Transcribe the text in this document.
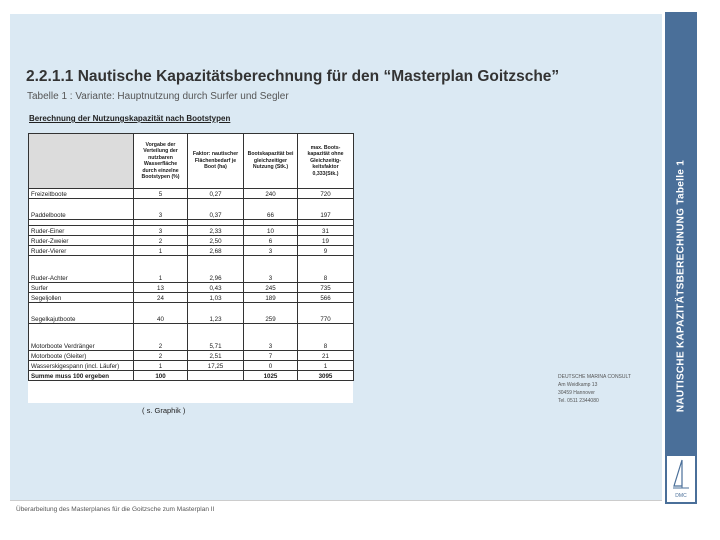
2.2.1.1 Nautische Kapazitätsberechnung für den “Masterplan Goitzsche”
Tabelle 1 : Variante: Hauptnutzung durch Surfer und Segler
Berechnung der Nutzungskapazität nach Bootstypen
	Vorgabe der Verteilung der nutzbaren Wasserfläche durch einzelne Bootstypen (%)	Faktor: nautischer Flächenbedarf je Boot (ha)	Bootskapazität bei gleichzeitiger Nutzung (Stk.)	max. Boots-kapazität ohne Gleichzeitig-keitsfaktor 0,333(Stk.)
Freizeitboote	5	0,27	240	720
Paddelboote	3	0,37	66	197

Ruder-Einer	3	2,33	10	31
Ruder-Zweier	2	2,50	6	19
Ruder-Vierer	1	2,68	3	9
Ruder-Achter	1	2,96	3	8
Surfer	13	0,43	245	735
Segeljollen	24	1,03	189	566
Segelkajutboote	40	1,23	259	770
Motorboote Verdränger	2	5,71	3	8
Motorboote (Gleiter)	2	2,51	7	21
Wasserskigespann (incl. Läufer)	1	17,25	0	1
Summe muss 100 ergeben	100		1025	3095
( s. Graphik )
DEUTSCHE MARINA CONSULT
Am Weidkamp 13
30459 Hannover
Tel. 0511 2344080	NAUTISCHE KAPAZITÄTSBERECHNUNG Tabelle 1
DMC
Überarbeitung des Masterplanes für die Goitzsche zum Masterplan II
